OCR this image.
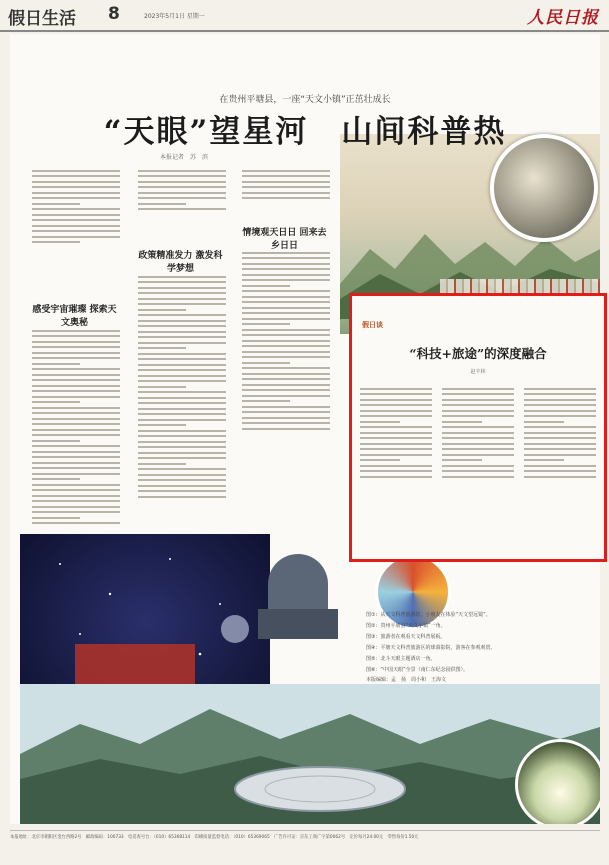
假日生活 8	2023年5月1日 星期一	人民日报
在贵州平塘县，一座“天文小镇”正茁壮成长
“天眼”望星河　山间科普热
本报记者　苏　滨
感受宇宙璀璨 探索天文奥秘
政策精准发力 激发科学梦想
情境观天日日 回来去乡日日
假日谈
“科技+旅途”的深度融合
赵丰林
图①：从天文科普旅游馆，小朋友在体验“天文望远镜”。
图②：贵州平塘县“天文小镇”一角。
图③：旅游者在观看天文科普展板。
图④：平塘天文科普旅游区的球幕影院，游客在参观观赏。
图⑤：北斗天眼主题酒店一角。
图⑥：“中国天眼”全景（南仁东纪念园供图）。
本版编辑：孟　扬　周小和　王海文
本报地址：北京市朝阳区金台西路2号　邮政编码：100733　电话查号台：（010）65368114　印刷质量监督电话：（010）65369065　广告许可证：京东工商广字第0062号　定价每月24.00元　零售每份1.50元
